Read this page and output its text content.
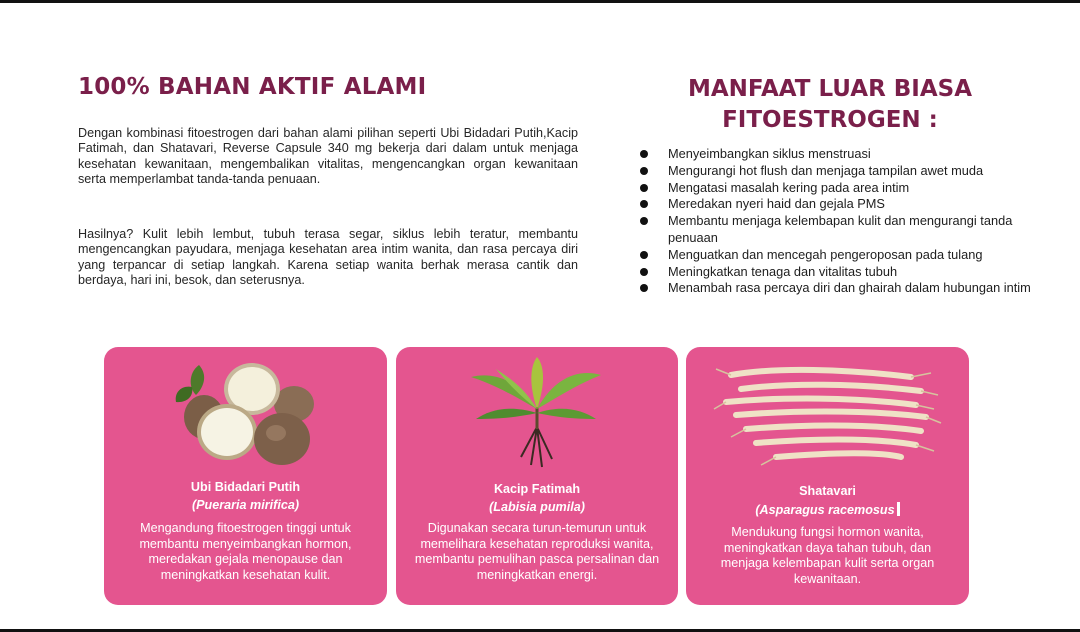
100% BAHAN AKTIF ALAMI
Dengan kombinasi fitoestrogen dari bahan alami pilihan seperti Ubi Bidadari Putih,Kacip Fatimah, dan Shatavari, Reverse Capsule 340 mg bekerja dari dalam untuk menjaga kesehatan kewanitaan, mengembalikan vitalitas, mengencangkan organ kewanitaan serta memperlambat tanda-tanda penuaan.
Hasilnya? Kulit lebih lembut, tubuh terasa segar, siklus lebih teratur, membantu mengencangkan payudara, menjaga kesehatan area intim wanita, dan rasa percaya diri yang terpancar di setiap langkah. Karena setiap wanita berhak merasa cantik dan berdaya, hari ini, besok, dan seterusnya.
MANFAAT LUAR BIASA FITOESTROGEN :
Menyeimbangkan siklus menstruasi
Mengurangi hot flush dan menjaga tampilan awet muda
Mengatasi masalah kering pada area intim
Meredakan nyeri haid dan gejala PMS
Membantu menjaga kelembapan kulit dan mengurangi tanda penuaan
Menguatkan dan mencegah pengeroposan pada tulang
Meningkatkan tenaga dan vitalitas tubuh
Menambah rasa percaya diri dan ghairah dalam hubungan intim
Ubi Bidadari Putih
(Pueraria mirifica)
Mengandung fitoestrogen tinggi untuk membantu menyeimbangkan hormon, meredakan gejala menopause dan meningkatkan kesehatan kulit.
Kacip Fatimah
(Labisia pumila)
Digunakan secara turun-temurun untuk memelihara kesehatan reproduksi wanita, membantu pemulihan pasca persalinan dan meningkatkan energi.
Shatavari
(Asparagus racemosus
Mendukung fungsi hormon wanita, meningkatkan daya tahan tubuh, dan menjaga kelembapan kulit serta organ kewanitaan.
